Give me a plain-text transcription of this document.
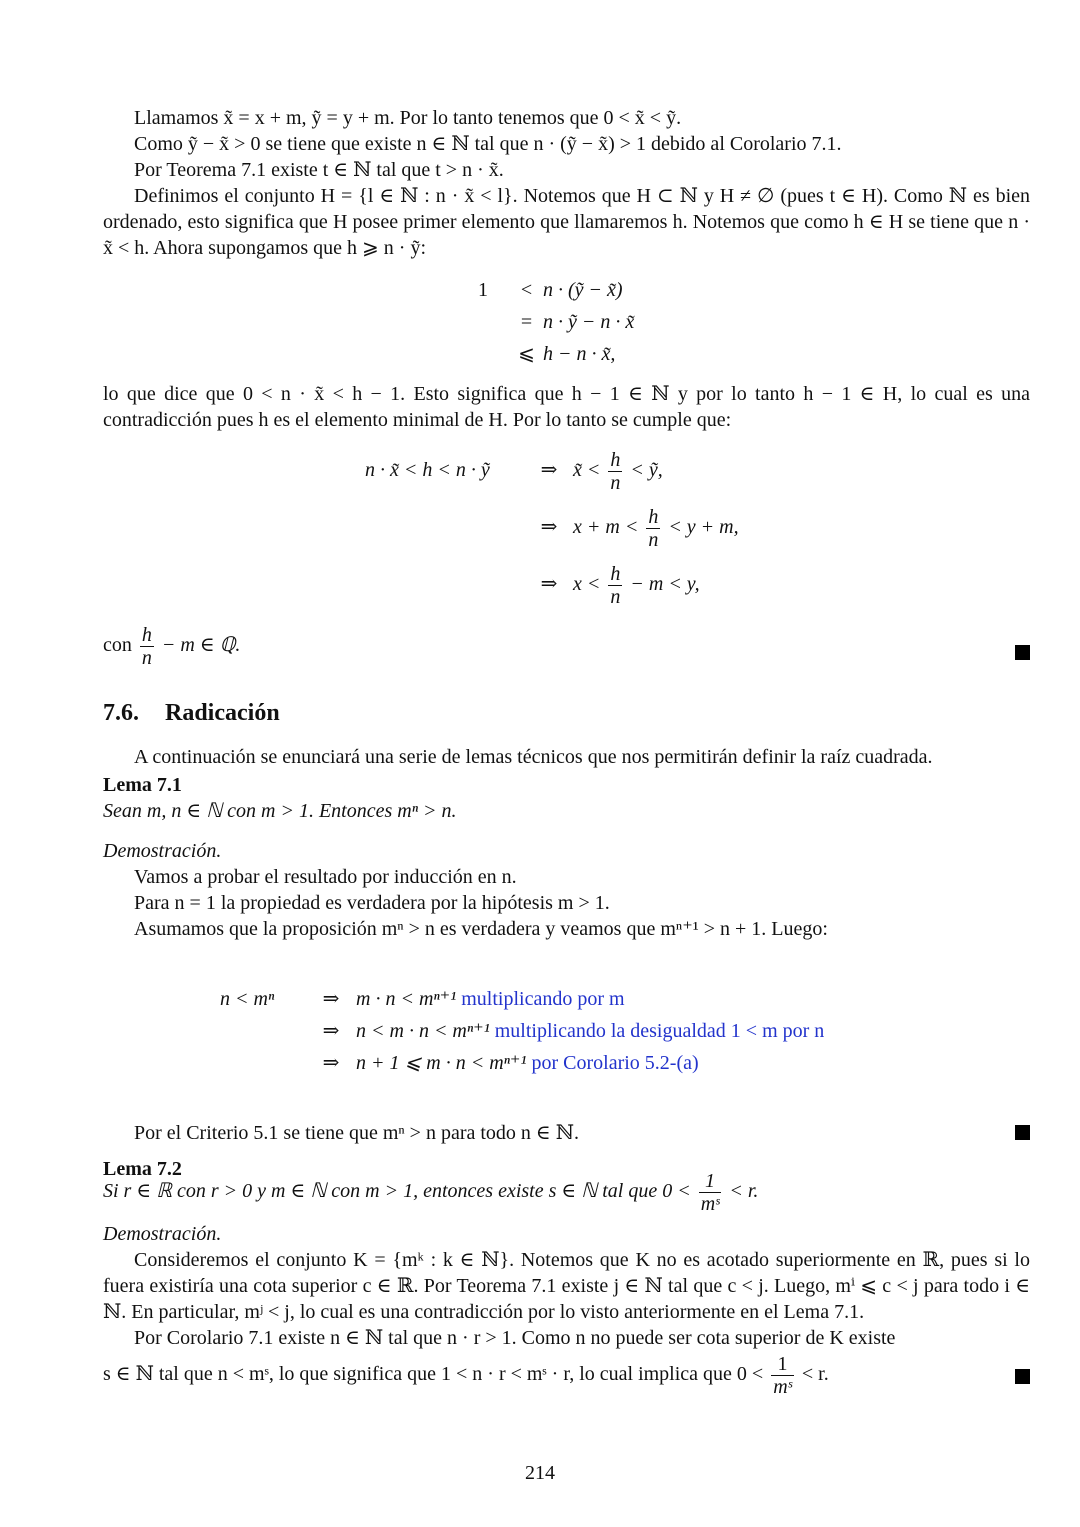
Llamamos x̃ = x + m, ỹ = y + m. Por lo tanto tenemos que 0 < x̃ < ỹ.

Como ỹ − x̃ > 0 se tiene que existe n ∈ ℕ tal que n · (ỹ − x̃) > 1 debido al Corolario 7.1.

Por Teorema 7.1 existe t ∈ ℕ tal que t > n · x̃.

Definimos el conjunto H = {l ∈ ℕ : n · x̃ < l}. Notemos que H ⊂ ℕ y H ≠ ∅ (pues t ∈ H). Como ℕ es bien ordenado, esto significa que H posee primer elemento que llamaremos h. Notemos que como h ∈ H se tiene que n · x̃ < h. Ahora supongamos que h ⩾ n · ỹ:

1 < n · (ỹ − x̃)
= n · ỹ − n · x̃
⩽ h − n · x̃,

lo que dice que 0 < n · x̃ < h − 1. Esto significa que h − 1 ∈ ℕ y por lo tanto h − 1 ∈ H, lo cual es una contradicción pues h es el elemento minimal de H. Por lo tanto se cumple que:

n · x̃ < h < n · ỹ	⇒ x̃ < $\frac{h}{n}$ < ỹ,
⇒ $x + m < \frac{h}{n} < y + m$,
⇒ $x < \frac{h}{n} - m < y$,
con $\frac{h}{n} - m$ ∈ ℚ.
7.6. Radicación

A continuación se enunciará una serie de lemas técnicos que nos permitirán definir la raíz cuadrada.

Lema 7.1
Sean m, n ∈ ℕ con m > 1. Entonces mⁿ > n.
Demostración.

Vamos a probar el resultado por inducción en n.

Para n = 1 la propiedad es verdadera por la hipótesis m > 1.

Asumamos que la proposición mⁿ > n es verdadera y veamos que mⁿ⁺¹ > n + 1. Luego:

n < mⁿ ⇒ m · n < mⁿ⁺¹ multiplicando por m
⇒ n < m · n < mⁿ⁺¹ multiplicando la desigualdad 1 < m por n
⇒ n + 1 ⩽ m · n < mⁿ⁺¹ por Corolario 5.2-(a)

Por el Criterio 5.1 se tiene que mⁿ > n para todo n ∈ ℕ.

Lema 7.2
Si r ∈ ℝ con r > 0 y m ∈ ℕ con m > 1, entonces existe s ∈ ℕ tal que $0 < \frac{1}{\text{mˢ}} < r$.
Demostración.

Consideremos el conjunto K = {mᵏ : k ∈ ℕ}. Notemos que K no es acotado superiormente en ℝ, pues si lo fuera existiría una cota superior c ∈ ℝ. Por Teorema 7.1 existe j ∈ ℕ tal que c < j. Luego, mⁱ ⩽ c < j para todo i ∈ ℕ. En particular, mʲ < j, lo cual es una contradicción por lo visto anteriormente en el Lema 7.1.

Por Corolario 7.1 existe n ∈ ℕ tal que n · r > 1. Como n no puede ser cota superior de K existe

s ∈ ℕ tal que n < mˢ, lo que significa que 1 < n · r < mˢ · r, lo cual implica que $0 < \frac{1}{\text{mˢ}} < r$.
214
